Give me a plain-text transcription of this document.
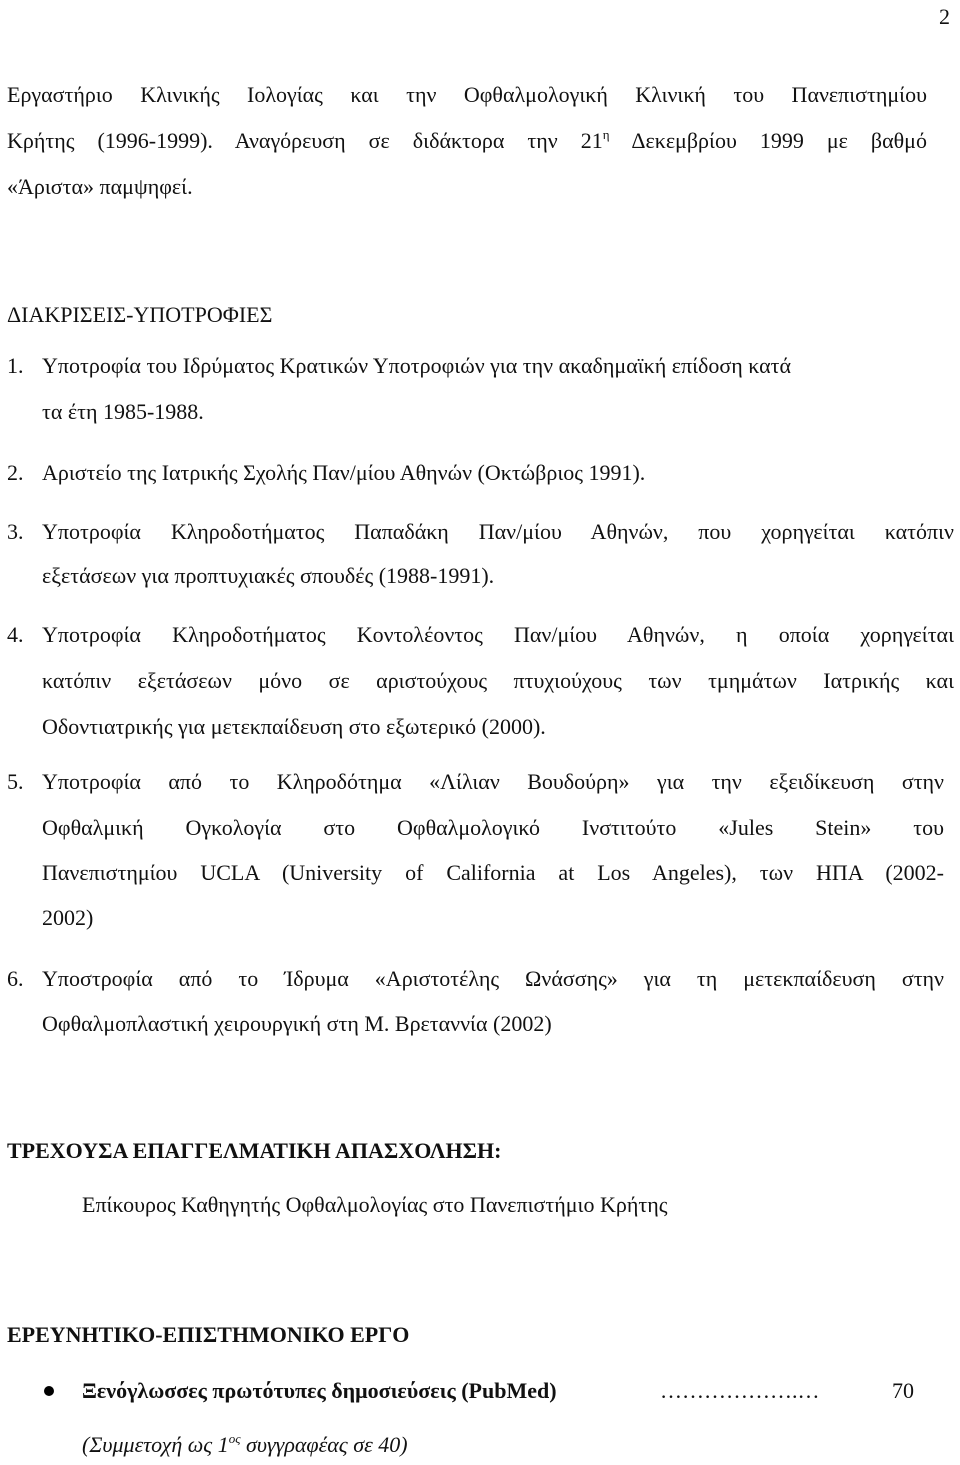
2
Εργαστήριο Κλινικής Ιολογίας και την Οφθαλμολογική Κλινική του Πανεπιστημίου
Κρήτης (1996-1999). Αναγόρευση σε διδάκτορα την $21^\eta$ Δεκεμβρίου 1999 με βαθμό
«Άριστα» παμψηφεί.
ΔΙΑΚΡΙΣΕΙΣ-ΥΠΟΤΡΟΦΙΕΣ
1. Υποτροφία του Ιδρύματος Κρατικών Υποτροφιών για την ακαδημαϊκή επίδοση κατά
τα έτη 1985-1988.
2. Αριστείο της Ιατρικής Σχολής Παν/μίου Αθηνών (Οκτώβριος 1991).
3. Υποτροφία Κληροδοτήματος Παπαδάκη Παν/μίου Αθηνών, που χορηγείται κατόπιν
εξετάσεων για προπτυχιακές σπουδές (1988-1991).
4. Υποτροφία Κληροδοτήματος Κοντολέοντος Παν/μίου Αθηνών, η οποία χορηγείται
κατόπιν εξετάσεων μόνο σε αριστούχους πτυχιούχους των τμημάτων Ιατρικής και
Οδοντιατρικής για μετεκπαίδευση στο εξωτερικό (2000).
5. Υποτροφία από το Κληροδότημα «Λίλιαν Βουδούρη» για την εξειδίκευση στην
Οφθαλμική Ογκολογία στο Οφθαλμολογικό Ινστιτούτο «Jules Stein» του
Πανεπιστημίου UCLA (University of California at Los Angeles), των ΗΠΑ (2002-
2002)
6. Υποστροφία από το Ίδρυμα «Αριστοτέλης Ωνάσσης» για τη μετεκπαίδευση στην
Οφθαλμοπλαστική χειρουργική στη Μ. Βρετανν​ία (2002)
ΤΡΕΧΟΥΣΑ ΕΠΑΓΓΕΛΜΑΤΙΚΗ ΑΠΑΣΧΟΛΗΣΗ:
Επίκουρος Καθηγητής Οφθαλμολογίας στο Πανεπιστήμιο Κρήτης
ΕΡΕΥΝΗΤΙΚΟ-ΕΠΙΣΤΗΜΟΝΙΚΟ ΕΡΓΟ
Ξενόγλωσσες πρωτότυπες δημοσιεύσεις (PubMed)	……………….…	70
(Συμμετοχή ως $1^{o\varsigma}$ συγγραφέας σε 40)
